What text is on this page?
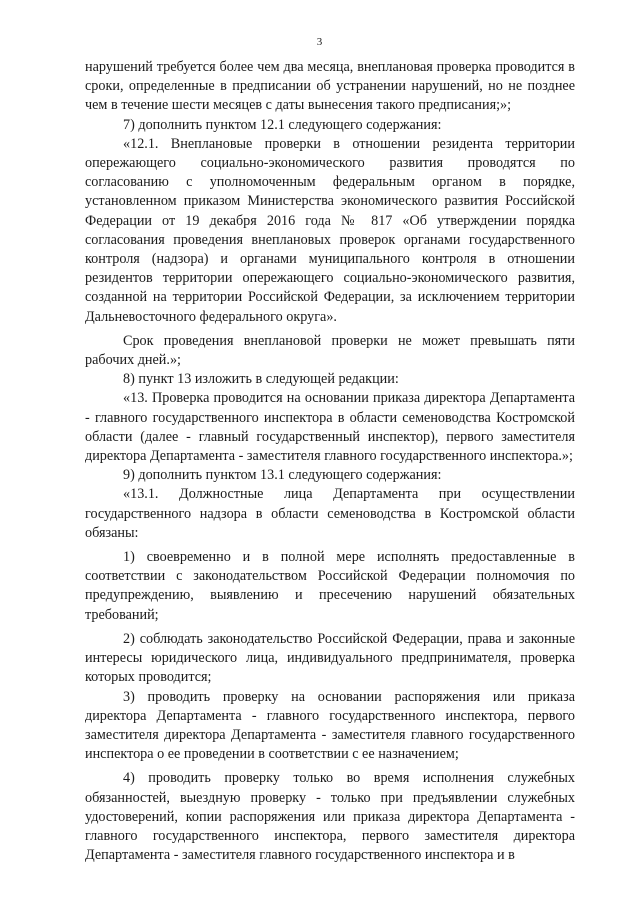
3

нарушений требуется более чем два месяца, внеплановая проверка проводится в сроки, определенные в предписании об устранении нарушений, но не позднее чем в течение шести месяцев с даты вынесения такого предписания;»;

7) дополнить пунктом 12.1 следующего содержания:

«12.1. Внеплановые проверки в отношении резидента территории опережающего социально-экономического развития проводятся по согласованию с уполномоченным федеральным органом в порядке, установленном приказом Министерства экономического развития Российской Федерации от 19 декабря 2016 года № 817 «Об утверждении порядка согласования проведения внеплановых проверок органами государственного контроля (надзора) и органами муниципального контроля в отношении резидентов территории опережающего социально-экономического развития, созданной на территории Российской Федерации, за исключением территории Дальневосточного федерального округа».

Срок проведения внеплановой проверки не может превышать пяти рабочих дней.»;

8) пункт 13 изложить в следующей редакции:

«13. Проверка проводится на основании приказа директора Департамента - главного государственного инспектора в области семеноводства Костромской области (далее - главный государственный инспектор), первого заместителя директора Департамента - заместителя главного государственного инспектора.»;

9) дополнить пунктом 13.1 следующего содержания:

«13.1. Должностные лица Департамента при осуществлении государственного надзора в области семеноводства в Костромской области обязаны:

1) своевременно и в полной мере исполнять предоставленные в соответствии с законодательством Российской Федерации полномочия по предупреждению, выявлению и пресечению нарушений обязательных требований;

2) соблюдать законодательство Российской Федерации, права и законные интересы юридического лица, индивидуального предпринимателя, проверка которых проводится;

3) проводить проверку на основании распоряжения или приказа директора Департамента - главного государственного инспектора, первого заместителя директора Департамента - заместителя главного государственного инспектора о ее проведении в соответствии с ее назначением;

4) проводить проверку только во время исполнения служебных обязанностей, выездную проверку - только при предъявлении служебных удостоверений, копии распоряжения или приказа директора Департамента - главного государственного инспектора, первого заместителя директора Департамента - заместителя главного государственного инспектора и в
